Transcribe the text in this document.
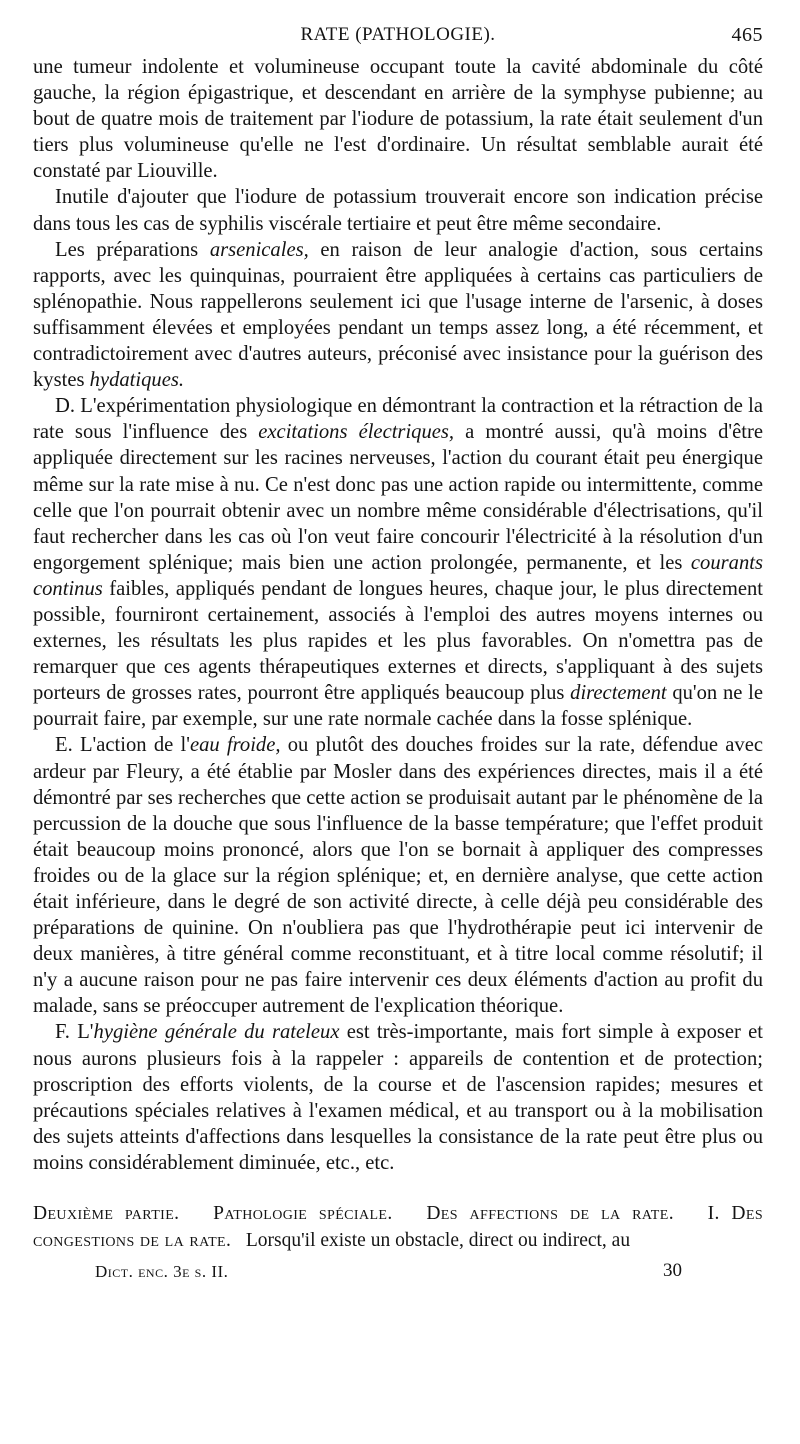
RATE (PATHOLOGIE).	465

une tumeur indolente et volumineuse occupant toute la cavité abdominale du côté gauche, la région épigastrique, et descendant en arrière de la symphyse pubienne; au bout de quatre mois de traitement par l'iodure de potassium, la rate était seulement d'un tiers plus volumineuse qu'elle ne l'est d'ordinaire. Un résultat semblable aurait été constaté par Liouville.

Inutile d'ajouter que l'iodure de potassium trouverait encore son indication précise dans tous les cas de syphilis viscérale tertiaire et peut être même secondaire.

Les préparations arsenicales, en raison de leur analogie d'action, sous certains rapports, avec les quinquinas, pourraient être appliquées à certains cas particuliers de splénopathie. Nous rappellerons seulement ici que l'usage interne de l'arsenic, à doses suffisamment élevées et employées pendant un temps assez long, a été récemment, et contradictoirement avec d'autres auteurs, préconisé avec insistance pour la guérison des kystes hydatiques.

D. L'expérimentation physiologique en démontrant la contraction et la rétraction de la rate sous l'influence des excitations électriques, a montré aussi, qu'à moins d'être appliquée directement sur les racines nerveuses, l'action du courant était peu énergique même sur la rate mise à nu. Ce n'est donc pas une action rapide ou intermittente, comme celle que l'on pourrait obtenir avec un nombre même considérable d'électrisations, qu'il faut rechercher dans les cas où l'on veut faire concourir l'électricité à la résolution d'un engorgement splénique; mais bien une action prolongée, permanente, et les courants continus faibles, appliqués pendant de longues heures, chaque jour, le plus directement possible, fourniront certainement, associés à l'emploi des autres moyens internes ou externes, les résultats les plus rapides et les plus favorables. On n'omettra pas de remarquer que ces agents thérapeutiques externes et directs, s'appliquant à des sujets porteurs de grosses rates, pourront être appliqués beaucoup plus directement qu'on ne le pourrait faire, par exemple, sur une rate normale cachée dans la fosse splénique.

E. L'action de l'eau froide, ou plutôt des douches froides sur la rate, défendue avec ardeur par Fleury, a été établie par Mosler dans des expériences directes, mais il a été démontré par ses recherches que cette action se produisait autant par le phénomène de la percussion de la douche que sous l'influence de la basse température; que l'effet produit était beaucoup moins prononcé, alors que l'on se bornait à appliquer des compresses froides ou de la glace sur la région splénique; et, en dernière analyse, que cette action était inférieure, dans le degré de son activité directe, à celle déjà peu considérable des préparations de quinine. On n'oubliera pas que l'hydrothérapie peut ici intervenir de deux manières, à titre général comme reconstituant, et à titre local comme résolutif; il n'y a aucune raison pour ne pas faire intervenir ces deux éléments d'action au profit du malade, sans se préoccuper autrement de l'explication théorique.

F. L'hygiène générale du rateleux est très-importante, mais fort simple à exposer et nous aurons plusieurs fois à la rappeler : appareils de contention et de protection; proscription des efforts violents, de la course et de l'ascension rapides; mesures et précautions spéciales relatives à l'examen médical, et au transport ou à la mobilisation des sujets atteints d'affections dans lesquelles la consistance de la rate peut être plus ou moins considérablement diminuée, etc., etc.

Deuxième partie. Pathologie spéciale. Des affections de la rate. I. Des congestions de la rate. Lorsqu'il existe un obstacle, direct ou indirect, au
Dict. enc. 3e s. II.	30
